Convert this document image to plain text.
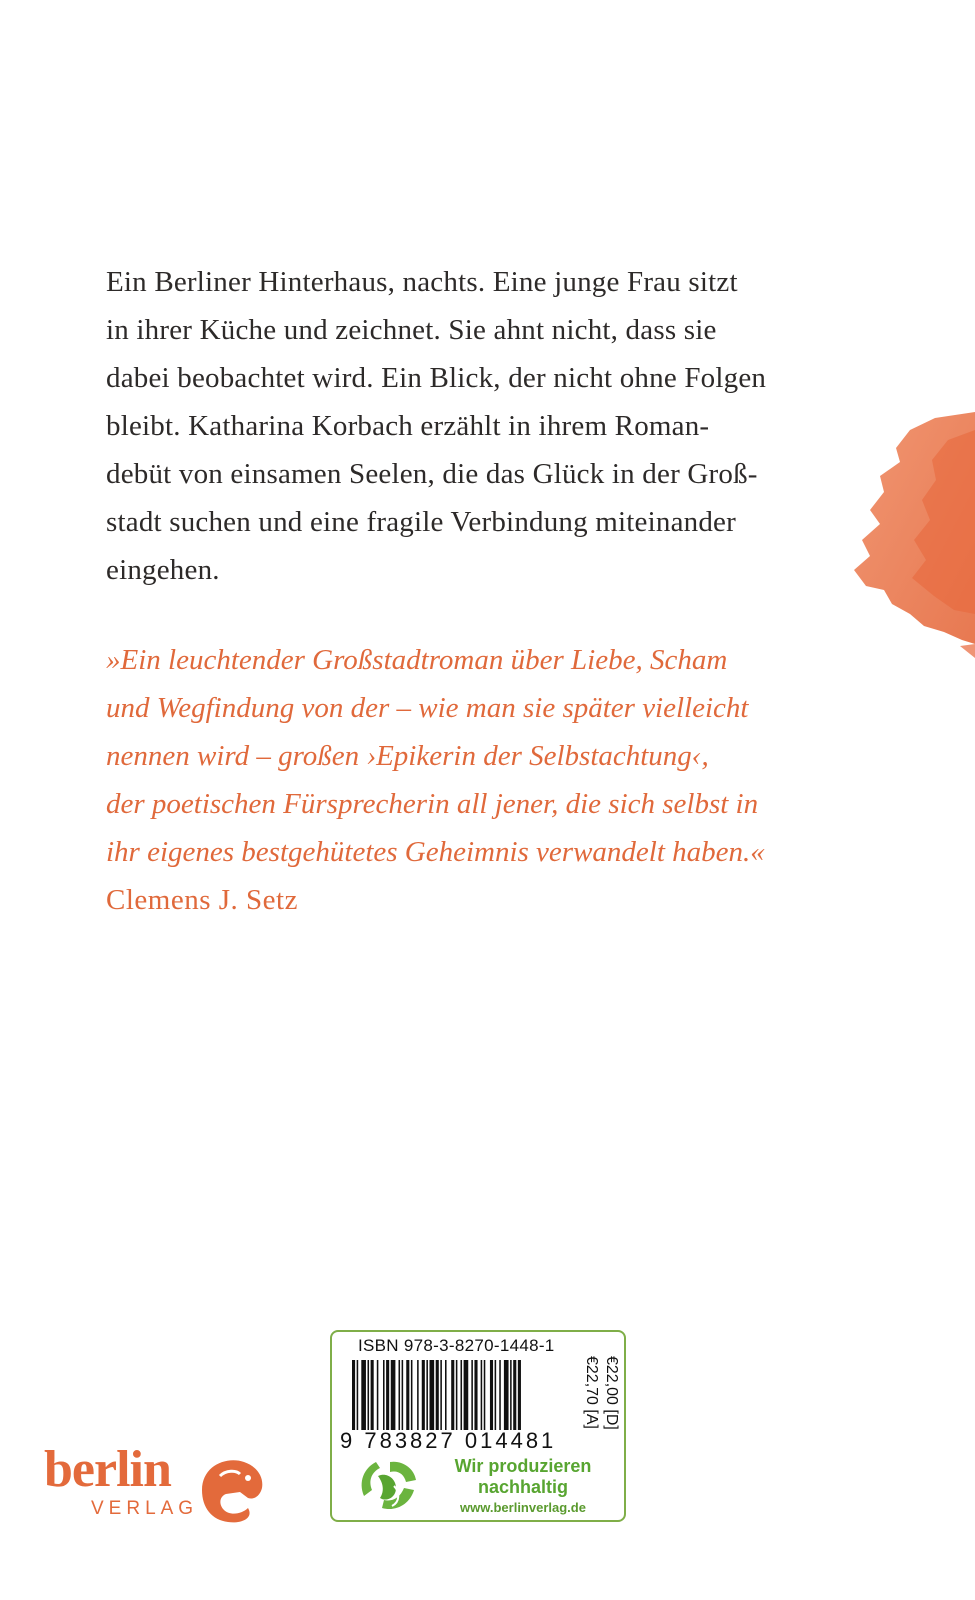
Ein Berliner Hinterhaus, nachts. Eine junge Frau sitzt
in ihrer Küche und zeichnet. Sie ahnt nicht, dass sie
dabei beobachtet wird. Ein Blick, der nicht ohne Folgen
bleibt. Katharina Korbach erzählt in ihrem Roman-
debüt von einsamen Seelen, die das Glück in der Groß-
stadt suchen und eine fragile Verbindung miteinander
eingehen.

»Ein leuchtender Großstadtroman über Liebe, Scham
und Wegfindung von der – wie man sie später vielleicht
nennen wird – großen ›Epikerin der Selbstachtung‹,
der poetischen Fürsprecherin all jener, die sich selbst in
ihr eigenes bestgehütetes Geheimnis verwandelt haben.«
Clemens J. Setz

berlin
VERLAG
ISBN 978-3-8270-1448-1
9 783827 014481
€22,00 [D]
€22,70 [A]
Wir produzieren
nachhaltig
www.berlinverlag.de
